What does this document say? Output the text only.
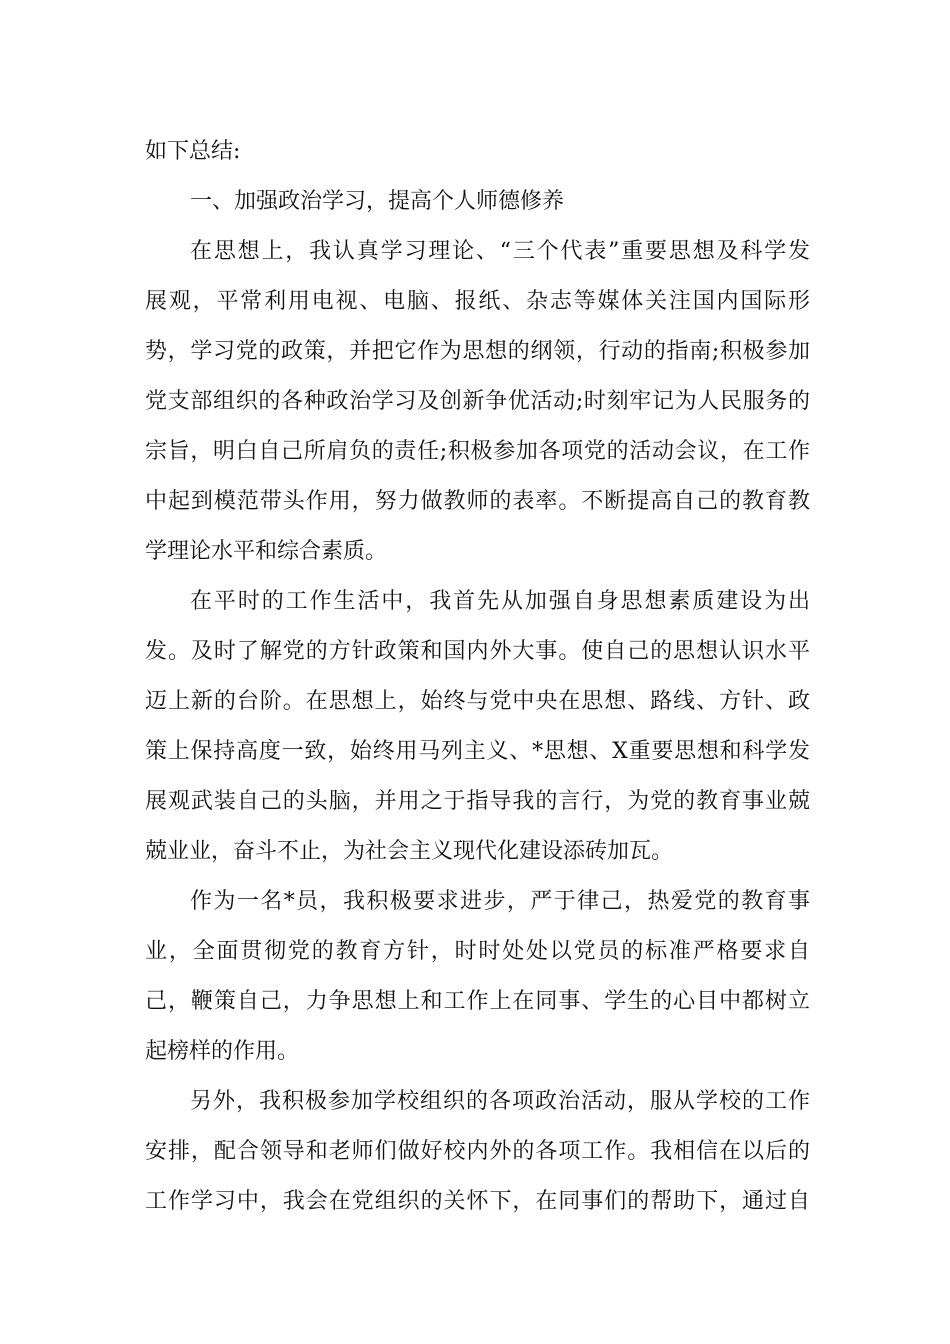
如下总结:
一、加强政治学习，提高个人师德修养
在思想上，我认真学习理论、“三个代表”重要思想及科学发
展观，平常利用电视、电脑、报纸、杂志等媒体关注国内国际形
势，学习党的政策，并把它作为思想的纲领，行动的指南;积极参加
党支部组织的各种政治学习及创新争优活动;时刻牢记为人民服务的
宗旨，明白自己所肩负的责任;积极参加各项党的活动会议，在工作
中起到模范带头作用，努力做教师的表率。不断提高自己的教育教
学理论水平和综合素质。
在平时的工作生活中，我首先从加强自身思想素质建设为出
发。及时了解党的方针政策和国内外大事。使自己的思想认识水平
迈上新的台阶。在思想上，始终与党中央在思想、路线、方针、政
策上保持高度一致，始终用马列主义、*思想、X重要思想和科学发
展观武装自己的头脑，并用之于指导我的言行，为党的教育事业兢
兢业业，奋斗不止，为社会主义现代化建设添砖加瓦。
作为一名*员，我积极要求进步，严于律己，热爱党的教育事
业，全面贯彻党的教育方针，时时处处以党员的标准严格要求自
己，鞭策自己，力争思想上和工作上在同事、学生的心目中都树立
起榜样的作用。
另外，我积极参加学校组织的各项政治活动，服从学校的工作
安排，配合领导和老师们做好校内外的各项工作。我相信在以后的
工作学习中，我会在党组织的关怀下，在同事们的帮助下，通过自
